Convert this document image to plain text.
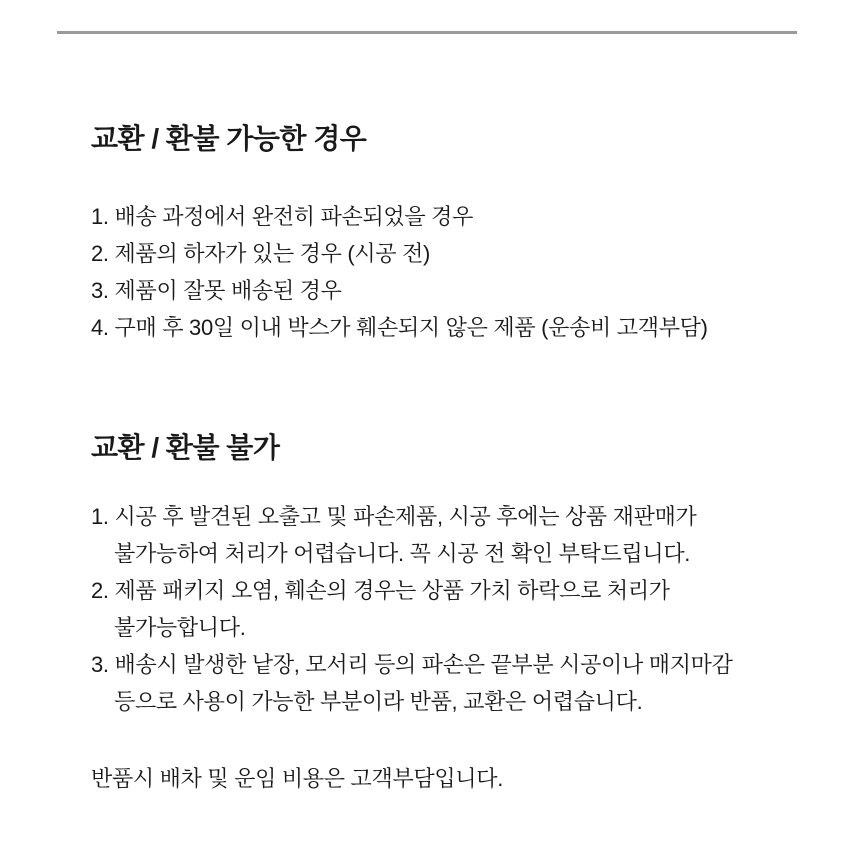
교환 / 환불 가능한 경우
1. 배송 과정에서 완전히 파손되었을 경우
2. 제품의 하자가 있는 경우 (시공 전)
3. 제품이 잘못 배송된 경우
4. 구매 후 30일 이내 박스가 훼손되지 않은 제품 (운송비 고객부담)
교환 / 환불 불가
1. 시공 후 발견된 오출고 및 파손제품, 시공 후에는 상품 재판매가
불가능하여 처리가 어렵습니다. 꼭 시공 전 확인 부탁드립니다.
2. 제품 패키지 오염, 훼손의 경우는 상품 가치 하락으로 처리가
불가능합니다.
3. 배송시 발생한 낱장, 모서리 등의 파손은 끝부분 시공이나 매지마감
등으로 사용이 가능한 부분이라 반품, 교환은 어렵습니다.

반품시 배차 및 운임 비용은 고객부담입니다.
